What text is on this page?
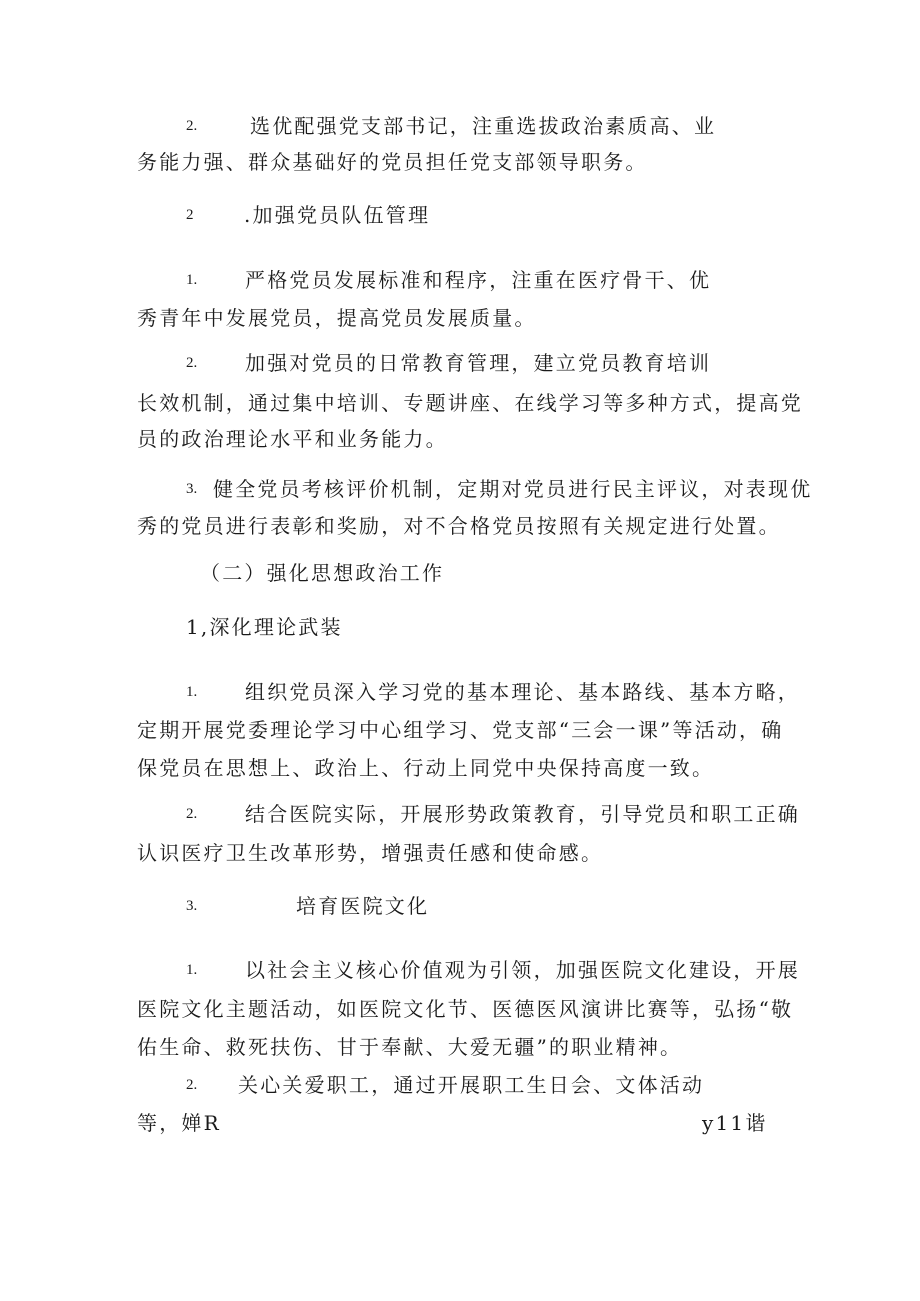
2.	选优配强党支部书记，注重选拔政治素质高、业
务能力强、群众基础好的党员担任党支部领导职务。
2	.加强党员队伍管理
1. 严格党员发展标准和程序，注重在医疗骨干、优
秀青年中发展党员，提高党员发展质量。
2. 加强对党员的日常教育管理，建立党员教育培训
长效机制，通过集中培训、专题讲座、在线学习等多种方式，提高党
员的政治理论水平和业务能力。
3. 健全党员考核评价机制，定期对党员进行民主评议，对表现优
秀的党员进行表彰和奖励，对不合格党员按照有关规定进行处置。
（二）强化思想政治工作
1,深化理论武装
1. 组织党员深入学习党的基本理论、基本路线、基本方略，
定期开展党委理论学习中心组学习、党支部“三会一课”等活动，确
保党员在思想上、政治上、行动上同党中央保持高度一致。
2. 结合医院实际，开展形势政策教育，引导党员和职工正确
认识医疗卫生改革形势，增强责任感和使命感。
3.	培育医院文化
1. 以社会主义核心价值观为引领，加强医院文化建设，开展
医院文化主题活动，如医院文化节、医德医风演讲比赛等，弘扬“敬
佑生命、救死扶伤、甘于奉献、大爱无疆”的职业精神。
2. 关心关爱职工，通过开展职工生日会、文体活动
等，婵R	y11谐
